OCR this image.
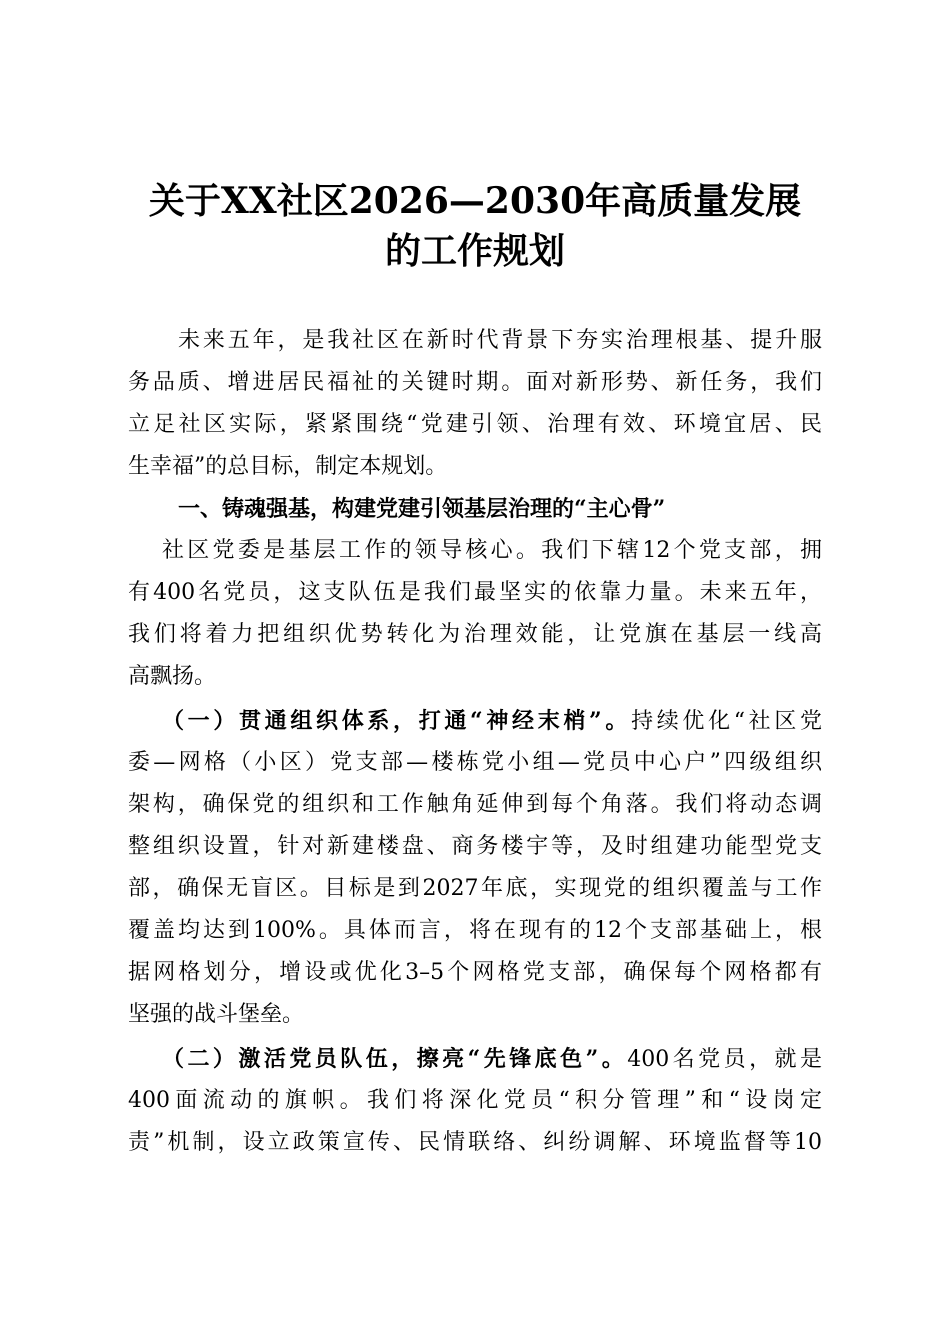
关于XX社区2026—2030年高质量发展
的工作规划
未来五年，是我社区在新时代背景下夯实治理根基、提升服
务品质、增进居民福祉的关键时期。面对新形势、新任务，我们
立足社区实际，紧紧围绕“党建引领、治理有效、环境宜居、民
生幸福”的总目标，制定本规划。
一、铸魂强基，构建党建引领基层治理的“主心骨”
社区党委是基层工作的领导核心。我们下辖12个党支部，拥
有400名党员，这支队伍是我们最坚实的依靠力量。未来五年，
我们将着力把组织优势转化为治理效能，让党旗在基层一线高
高飘扬。
（一）贯通组织体系，打通“神经末梢”。持续优化“社区党
委—网格（小区）党支部—楼栋党小组—党员中心户”四级组织
架构，确保党的组织和工作触角延伸到每个角落。我们将动态调
整组织设置，针对新建楼盘、商务楼宇等，及时组建功能型党支
部，确保无盲区。目标是到2027年底，实现党的组织覆盖与工作
覆盖均达到100%。具体而言，将在现有的12个支部基础上，根
据网格划分，增设或优化3–5个网格党支部，确保每个网格都有
坚强的战斗堡垒。
（二）激活党员队伍，擦亮“先锋底色”。400名党员，就是
400面流动的旗帜。我们将深化党员“积分管理”和“设岗定
责”机制，设立政策宣传、民情联络、纠纷调解、环境监督等10
